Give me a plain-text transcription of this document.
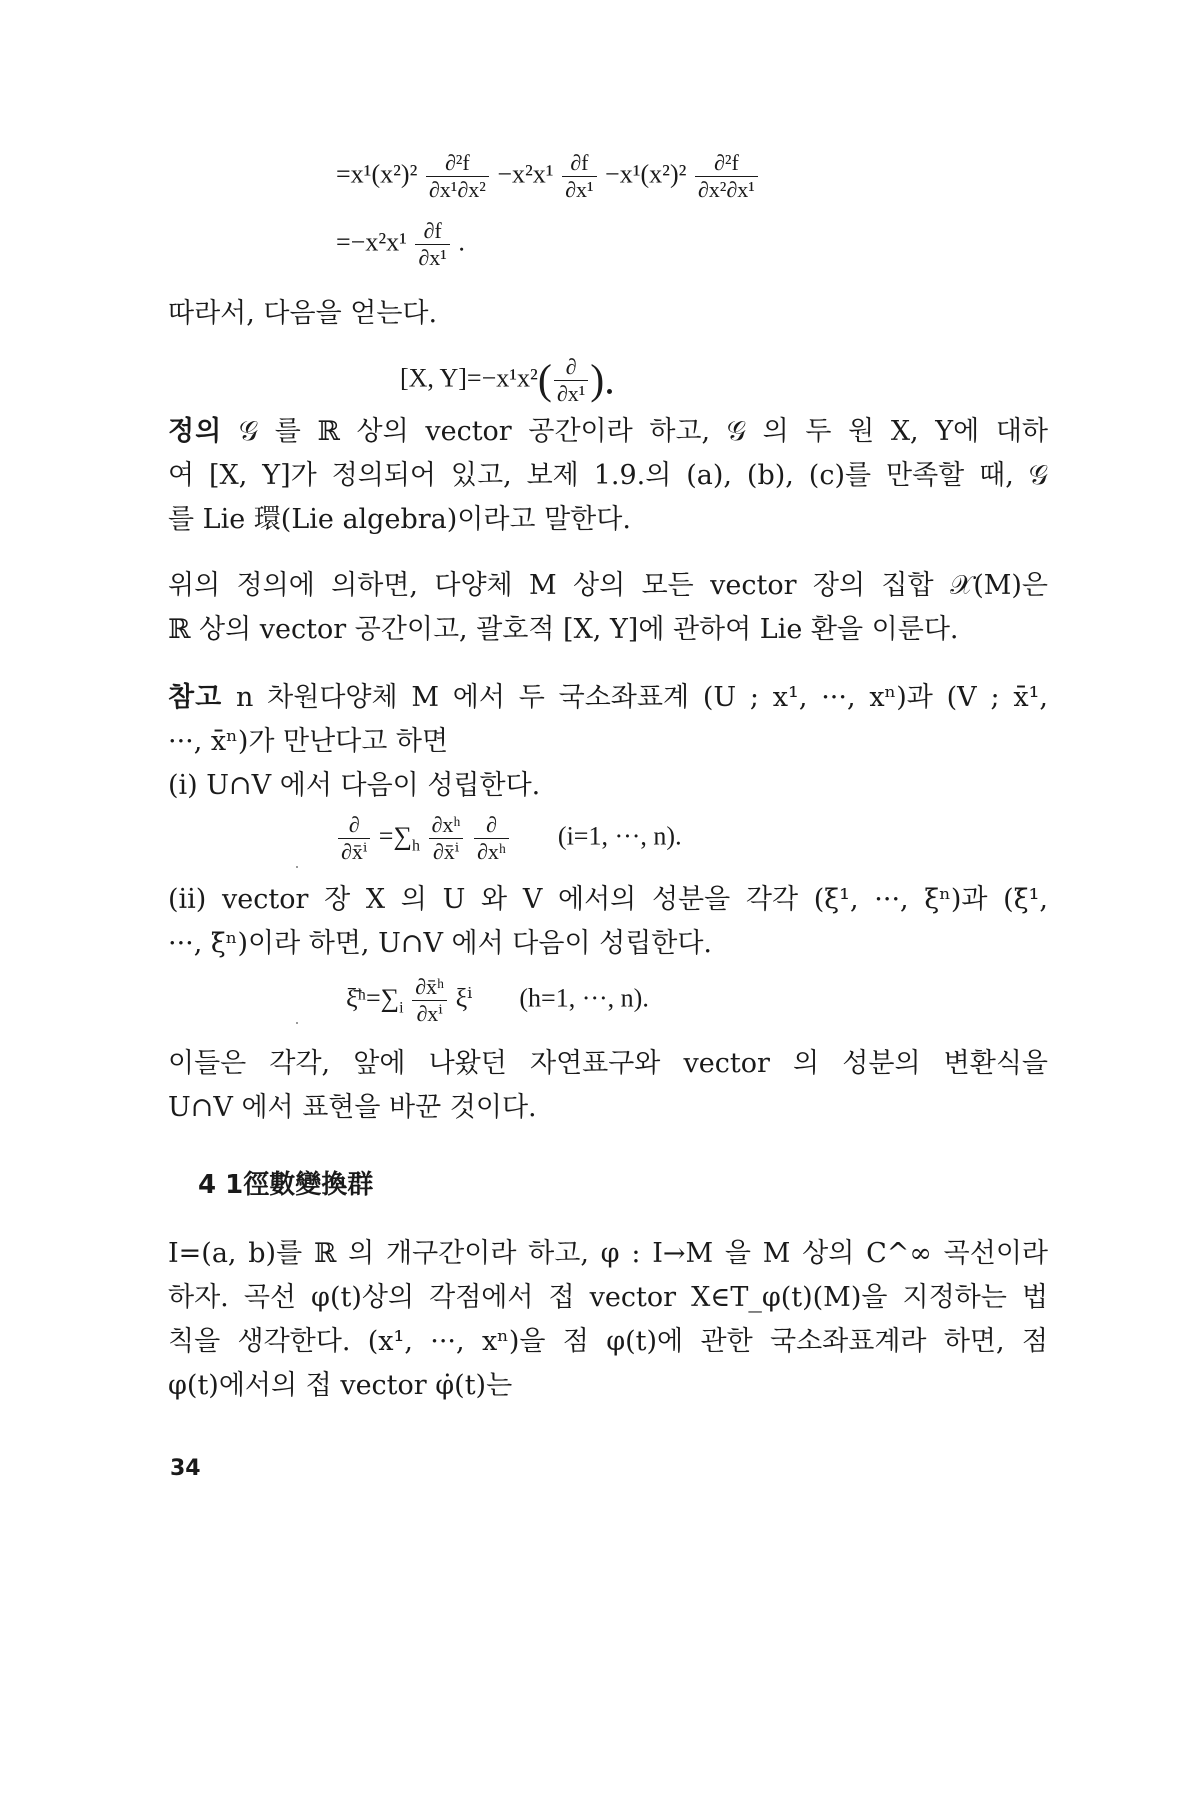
$=x^1(x^2)^2 \frac{\text{∂²f}}{\text{∂x¹∂x²}} -x^2x^1 \frac{\partial f}{\text{∂x¹}} -x^1(x^2)^2 \frac{\text{∂²f}}{\text{∂x²∂x¹}}$
$=-x^2x^1 \frac{\partial f}{\text{∂x¹}}$ .
따라서, 다음을 얻는다.
[X, $Y]=-x^1x^2( \frac{\partial}{\text{∂x¹}}$ ).
정의 𝒢 를 ℝ 상의 vector 공간이라 하고, 𝒢 의 두 원 X, Y에 대하
여 [X, Y]가 정의되어 있고, 보제 1.9.의 (a), (b), (c)를 만족할 때, 𝒢
를 Lie 環(Lie algebra)이라고 말한다.
위의 정의에 의하면, 다양체 M 상의 모든 vector 장의 집합 𝒳(M)은
ℝ 상의 vector 공간이고, 괄호적 [X, Y]에 관하여 Lie 환을 이룬다.
참고 n 차원다양체 M 에서 두 국소좌표계 (U ; x¹, ···, xⁿ)과 (V ; x̄¹,
···, x̄ⁿ)가 만난다고 하면
(i) U∩V 에서 다음이 성립한다.
$\frac{\partial}{\text{∂x̄ⁱ}} =\sum_h \frac{\text{∂xʰ}}{\text{∂x̄ⁱ}}$
$\frac{\partial}{\text{∂xʰ}} (i=1$, ···, n).
(ii) vector 장 X 의 U 와 V 에서의 성분을 각각 (ξ¹, ···, ξⁿ)과 (ξ̄¹,
···, ξ̄ⁿ)이라 하면, U∩V 에서 다음이 성립한다.
$\xīʰ=\sum_i \frac{\text{∂x̄ʰ}}{\text{∂xⁱ}}$ ξⁱ (h=1, ···, n).
이들은 각각, 앞에 나왔던 자연표구와 vector 의 성분의 변환식을
U∩V 에서 표현을 바꾼 것이다.
4 1徑數變換群
I=(a, b)를 ℝ 의 개구간이라 하고, φ : I→M 을 M 상의 C^∞ 곡선이라
하자. 곡선 φ(t)상의 각점에서 접 vector X∈T_φ(t)(M)을 지정하는 법
칙을 생각한다. (x¹, ···, xⁿ)을 점 φ(t)에 관한 국소좌표계라 하면, 점
φ(t)에서의 접 vector φ̇(t)는
34
